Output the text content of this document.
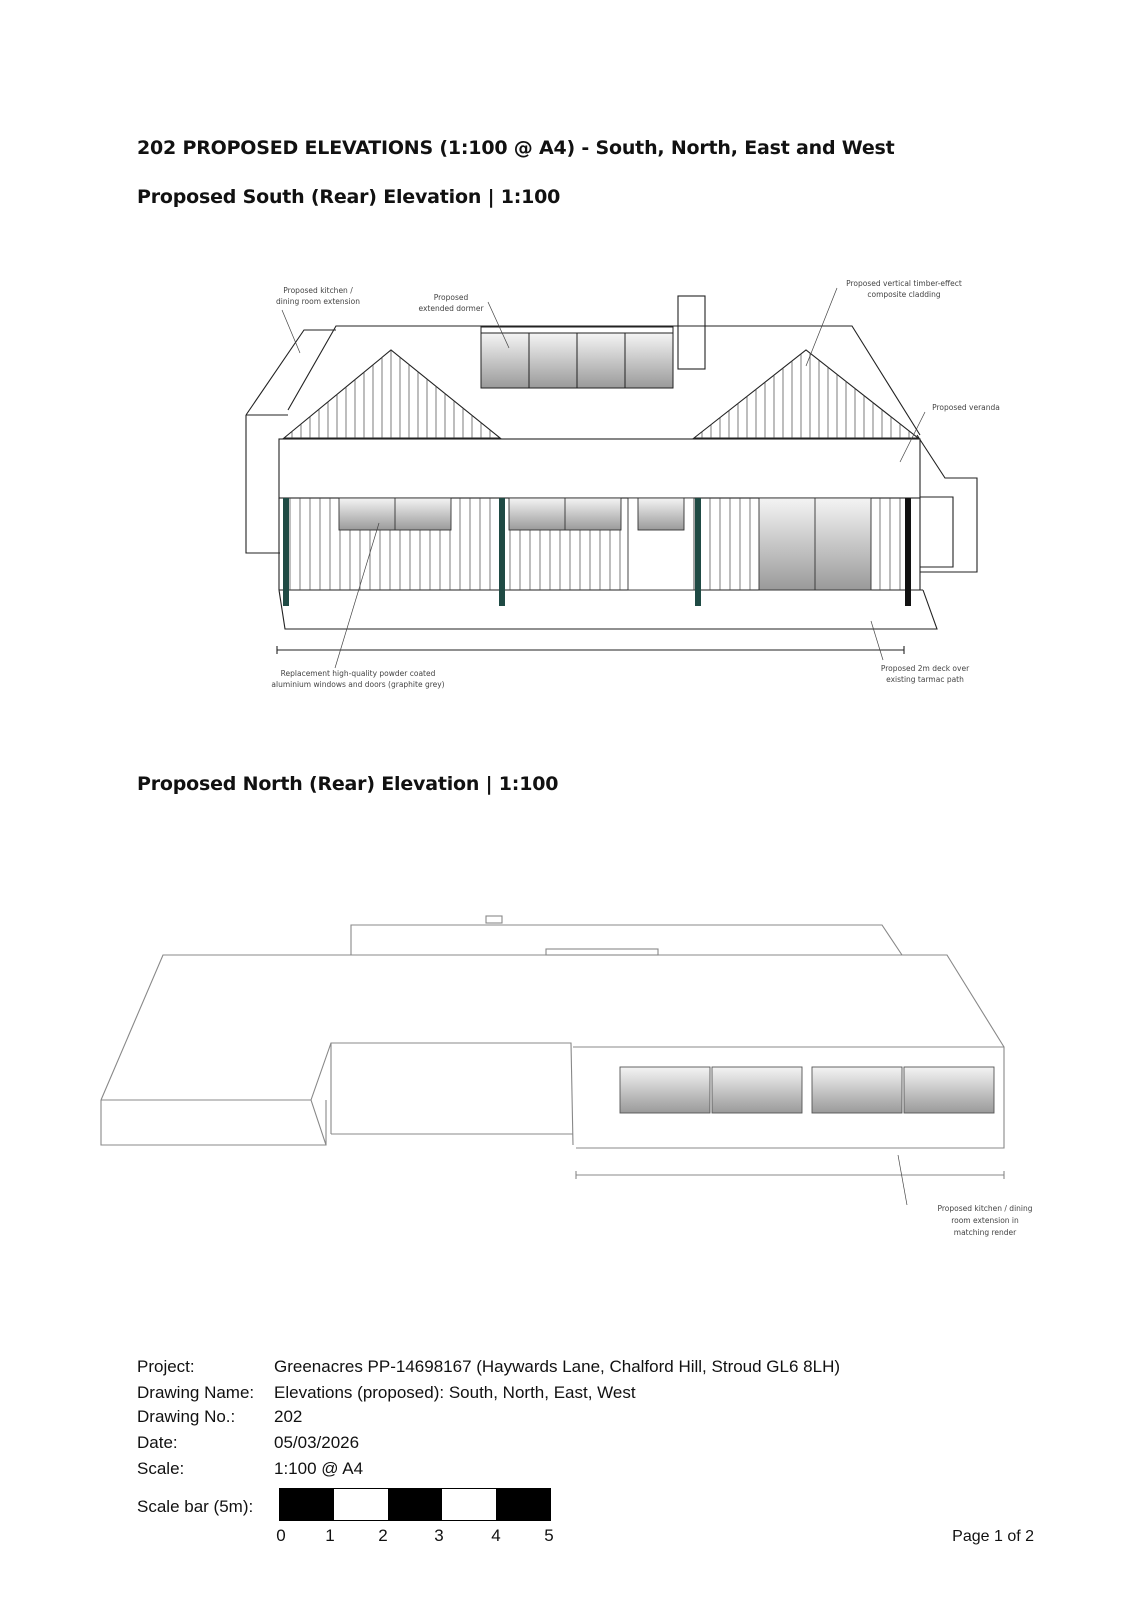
202 PROPOSED ELEVATIONS (1:100 @ A4) - South, North, East and West
Proposed South (Rear) Elevation | 1:100
Proposed kitchen /
dining room extension	Proposed
extended dormer
Proposed vertical timber-effect
composite cladding
Proposed veranda
Replacement high-quality powder coated
aluminium windows and doors (graphite grey)
Proposed 2m deck over
existing tarmac path
Proposed North (Rear) Elevation | 1:100
Proposed kitchen / dining
room extension in
matching render
Project:	Greenacres PP-14698167 (Haywards Lane, Chalford Hill, Stroud GL6 8LH)
Drawing Name: Elevations (proposed): South, North, East, West
Drawing No.: 202
Date:	05/03/2026
Scale:	1:100 @ A4
Scale bar (5m):
0 1	2	3	4	5	Page 1 of 2
